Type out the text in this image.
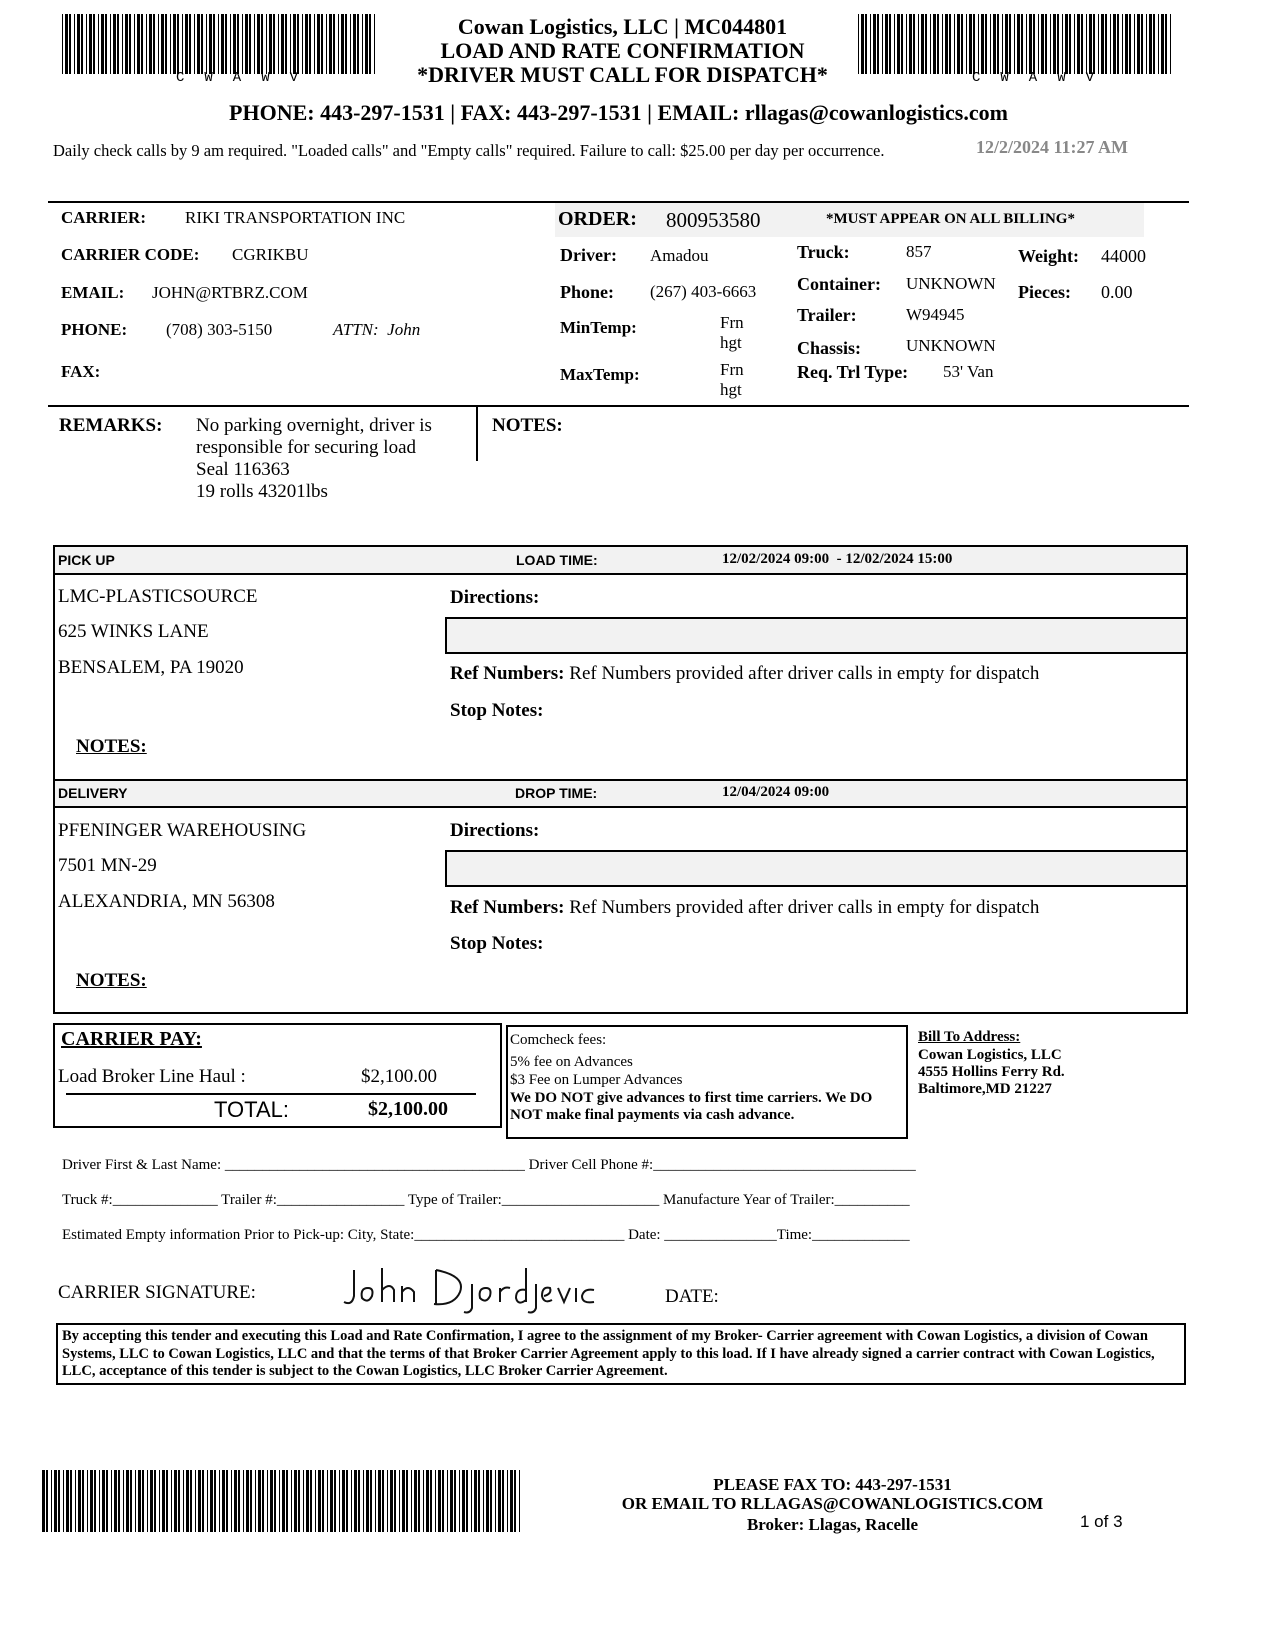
CWAWV	CWAWV
Cowan Logistics, LLC | MC044801
LOAD AND RATE CONFIRMATION
*DRIVER MUST CALL FOR DISPATCH*
PHONE: 443-297-1531 | FAX: 443-297-1531 | EMAIL: rllagas@cowanlogistics.com
Daily check calls by 9 am required. "Loaded calls" and "Empty calls" required. Failure to call: $25.00 per day per occurrence.	12/2/2024 11:27 AM
CARRIER: RIKI TRANSPORTATION INC
CARRIER CODE: CGRIKBU
EMAIL: JOHN@RTBRZ.COM
PHONE: (708) 303-5150	ATTN:  John
FAX:
ORDER: 800953580	*MUST APPEAR ON ALL BILLING*
Driver: Amadou
Phone: (267) 403-6663
MinTemp:	Frn
hgt
MaxTemp:	Frn
hgt
Truck:	857
Container: UNKNOWN
Trailer:	W94945
Chassis:	UNKNOWN
Req. Trl Type: 53' Van
Weight: 44000
Pieces: 0.00
REMARKS: No parking overnight, driver is
responsible for securing load
Seal 116363
19 rolls 43201lbs
NOTES:
PICK UP	LOAD TIME:	12/02/2024 09:00  - 12/02/2024 15:00
LMC-PLASTICSOURCE
625 WINKS LANE
BENSALEM, PA 19020
Directions:
Ref Numbers: Ref Numbers provided after driver calls in empty for dispatch
Stop Notes:
NOTES:
DELIVERY	DROP TIME:	12/04/2024 09:00
PFENINGER WAREHOUSING
7501 MN-29
ALEXANDRIA, MN 56308
Directions:
Ref Numbers: Ref Numbers provided after driver calls in empty for dispatch
Stop Notes:
NOTES:
CARRIER PAY:
Load Broker Line Haul :	$2,100.00
TOTAL:	$2,100.00
Comcheck fees:
5% fee on Advances
$3 Fee on Lumper Advances
We DO NOT give advances to first time carriers. We DO NOT make final payments via cash advance.
Bill To Address:
Cowan Logistics, LLC
4555 Hollins Ferry Rd.
Baltimore,MD 21227
Driver First & Last Name: ________________________________________ Driver Cell Phone #:___________________________________
Truck #:______________ Trailer #:_________________ Type of Trailer:_____________________ Manufacture Year of Trailer:__________
Estimated Empty information Prior to Pick-up: City, State:____________________________ Date: _______________Time:_____________
CARRIER SIGNATURE:	DATE:
By accepting this tender and executing this Load and Rate Confirmation, I agree to the assignment of my Broker- Carrier agreement with Cowan Logistics, a division of Cowan Systems, LLC to Cowan Logistics, LLC and that the terms of that Broker Carrier Agreement apply to this load. If I have already signed a carrier contract with Cowan Logistics, LLC, acceptance of this tender is subject to the Cowan Logistics, LLC Broker Carrier Agreement.
PLEASE FAX TO: 443-297-1531
OR EMAIL TO RLLAGAS@COWANLOGISTICS.COM
Broker: Llagas, Racelle	1 of 3
